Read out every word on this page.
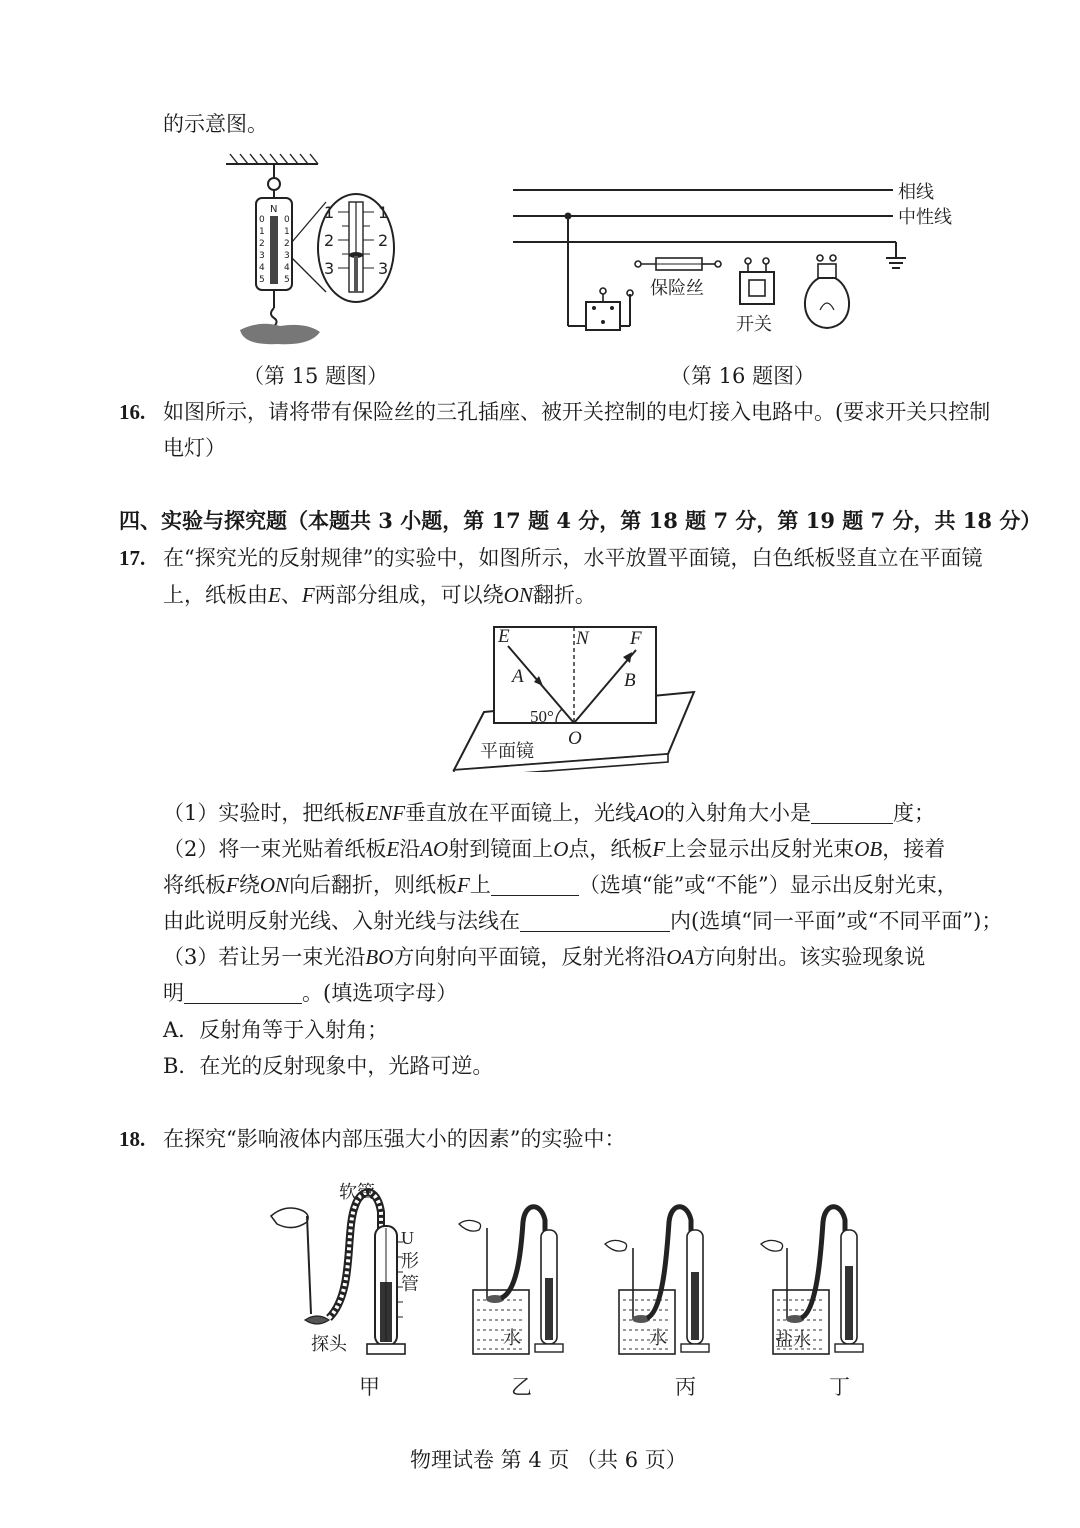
的示意图。
N
0 0
1 1
2 2
3 3
4 4
5 5
1	1
2	2
3	3
（第 15 题图）
相线
中性线
保险丝
开关
（第 16 题图）
16. 如图所示，请将带有保险丝的三孔插座、被开关控制的电灯接入电路中。(要求开关只控制
电灯）
四、实验与探究题（本题共 3 小题，第 17 题 4 分，第 18 题 7 分，第 19 题 7 分，共 18 分）
17. 在“探究光的反射规律”的实验中，如图所示，水平放置平面镜，白色纸板竖直立在平面镜
上，纸板由E、F两部分组成，可以绕ON翻折。
E	N F
A	B
O
50°
平面镜
（1）实验时，把纸板ENF垂直放在平面镜上，光线AO的入射角大小是	度；
（2）将一束光贴着纸板E沿AO射到镜面上O点，纸板F上会显示出反射光束OB，接着
将纸板F绕ON向后翻折，则纸板F上	（选填“能”或“不能”）显示出反射光束，
由此说明反射光线、入射光线与法线在	内(选填“同一平面”或“不同平面”)；
（3）若让另一束光沿BO方向射向平面镜，反射光将沿OA方向射出。该实验现象说
明	。(填选项字母）
A．反射角等于入射角；
B．在光的反射现象中，光路可逆。
18. 在探究“影响液体内部压强大小的因素”的实验中：
软管
U
形
管
探头
甲
水
乙
水
丙
盐水
丁
物理试卷 第 4 页 （共 6 页）
